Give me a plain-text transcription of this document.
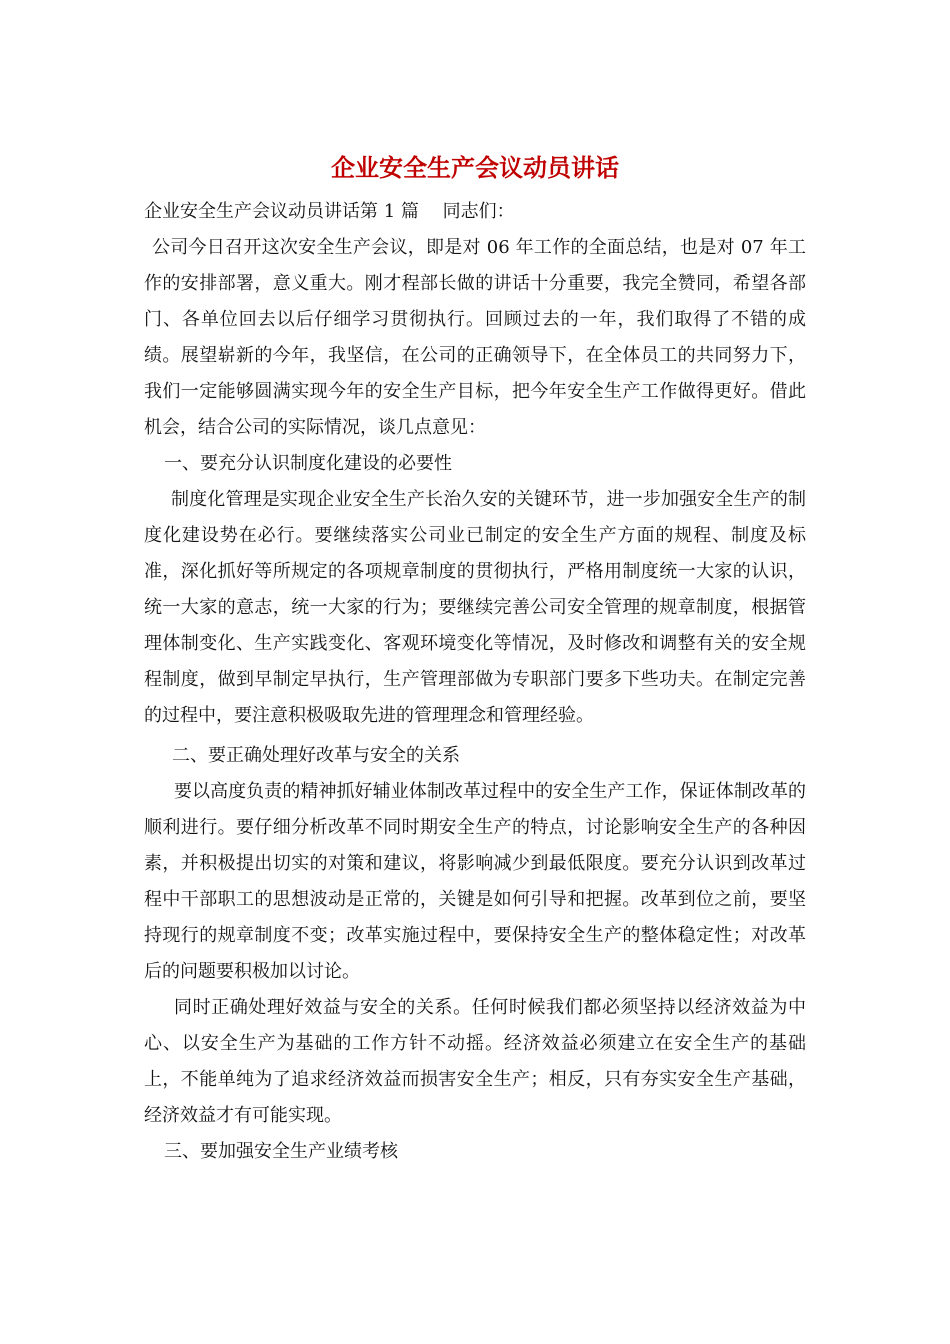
企业安全生产会议动员讲话

企业安全生产会议动员讲话第 1 篇　 同志们：

公司今日召开这次安全生产会议，即是对 06 年工作的全面总结，也是对 07 年工作的安排部署，意义重大。刚才程部长做的讲话十分重要，我完全赞同，希望各部门、各单位回去以后仔细学习贯彻执行。回顾过去的一年，我们取得了不错的成绩。展望崭新的今年，我坚信，在公司的正确领导下，在全体员工的共同努力下，我们一定能够圆满实现今年的安全生产目标，把今年安全生产工作做得更好。借此机会，结合公司的实际情况，谈几点意见：

一、要充分认识制度化建设的必要性

制度化管理是实现企业安全生产长治久安的关键环节，进一步加强安全生产的制度化建设势在必行。要继续落实公司业已制定的安全生产方面的规程、制度及标准，深化抓好等所规定的各项规章制度的贯彻执行，严格用制度统一大家的认识，统一大家的意志，统一大家的行为；要继续完善公司安全管理的规章制度，根据管理体制变化、生产实践变化、客观环境变化等情况，及时修改和调整有关的安全规程制度，做到早制定早执行，生产管理部做为专职部门要多下些功夫。在制定完善的过程中，要注意积极吸取先进的管理理念和管理经验。

二、要正确处理好改革与安全的关系

要以高度负责的精神抓好辅业体制改革过程中的安全生产工作，保证体制改革的顺利进行。要仔细分析改革不同时期安全生产的特点，讨论影响安全生产的各种因素，并积极提出切实的对策和建议，将影响减少到最低限度。要充分认识到改革过程中干部职工的思想波动是正常的，关键是如何引导和把握。改革到位之前，要坚持现行的规章制度不变；改革实施过程中，要保持安全生产的整体稳定性；对改革后的问题要积极加以讨论。

同时正确处理好效益与安全的关系。任何时候我们都必须坚持以经济效益为中心、以安全生产为基础的工作方针不动摇。经济效益必须建立在安全生产的基础上，不能单纯为了追求经济效益而损害安全生产；相反，只有夯实安全生产基础，经济效益才有可能实现。

三、要加强安全生产业绩考核
